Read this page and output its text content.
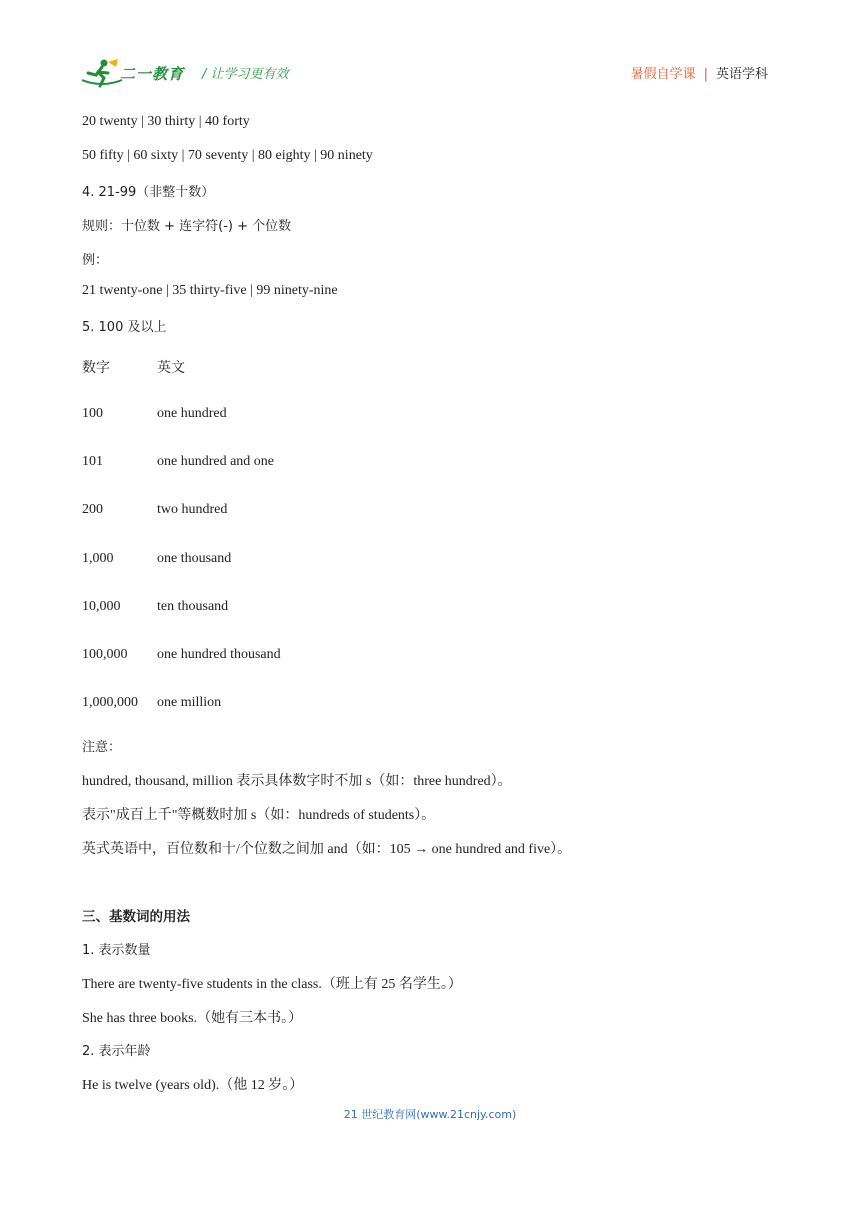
二一教育 / 让学习更有效	暑假自学课 | 英语学科
20 twenty | 30 thirty | 40 forty
50 fifty | 60 sixty | 70 seventy | 80 eighty | 90 ninety
4. 21-99（非整十数）
规则：十位数 + 连字符(-) + 个位数
例：
21 twenty-one | 35 thirty-five | 99 ninety-nine
5. 100 及以上
数字	英文
100	one hundred
101	one hundred and one
200	two hundred
1,000	one thousand
10,000	ten thousand
100,000 one hundred thousand
1,000,000 one million
注意：
hundred, thousand, million 表示具体数字时不加 s（如：three hundred）。
表示"成百上千"等概数时加 s（如：hundreds of students）。
英式英语中，百位数和十/个位数之间加 and（如：105 → one hundred and five）。
三、基数词的用法
1. 表示数量
There are twenty-five students in the class.（班上有 25 名学生。）
She has three books.（她有三本书。）
2. 表示年龄
He is twelve (years old).（他 12 岁。）
21 世纪教育网(www.21cnjy.com)
